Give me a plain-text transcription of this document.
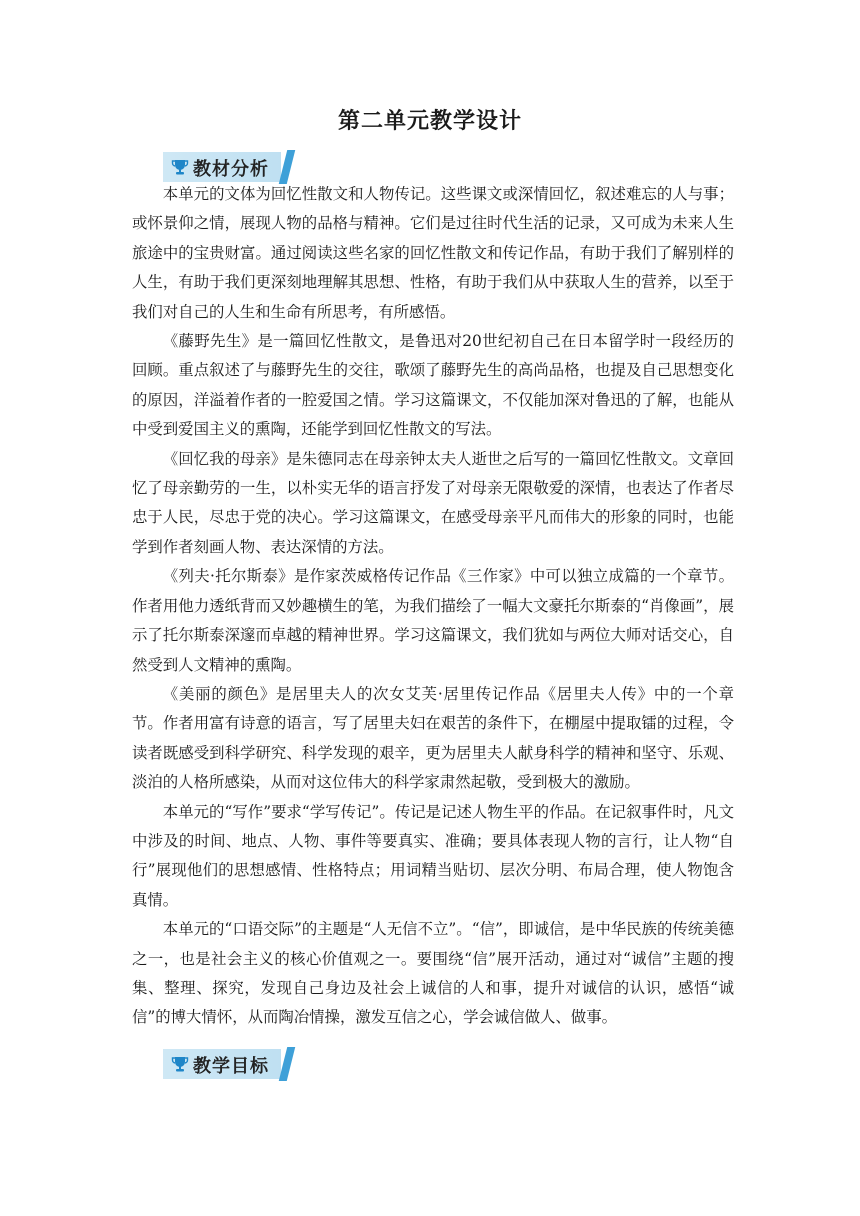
第二单元教学设计
教材分析

本单元的文体为回忆性散文和人物传记。这些课文或深情回忆，叙述难忘的人与事；或怀景仰之情，展现人物的品格与精神。它们是过往时代生活的记录，又可成为未来人生旅途中的宝贵财富。通过阅读这些名家的回忆性散文和传记作品，有助于我们了解别样的人生，有助于我们更深刻地理解其思想、性格，有助于我们从中获取人生的营养，以至于我们对自己的人生和生命有所思考，有所感悟。

《藤野先生》是一篇回忆性散文，是鲁迅对20世纪初自己在日本留学时一段经历的回顾。重点叙述了与藤野先生的交往，歌颂了藤野先生的高尚品格，也提及自己思想变化的原因，洋溢着作者的一腔爱国之情。学习这篇课文，不仅能加深对鲁迅的了解，也能从中受到爱国主义的熏陶，还能学到回忆性散文的写法。

《回忆我的母亲》是朱德同志在母亲钟太夫人逝世之后写的一篇回忆性散文。文章回忆了母亲勤劳的一生，以朴实无华的语言抒发了对母亲无限敬爱的深情，也表达了作者尽忠于人民，尽忠于党的决心。学习这篇课文，在感受母亲平凡而伟大的形象的同时，也能学到作者刻画人物、表达深情的方法。

《列夫·托尔斯泰》是作家茨威格传记作品《三作家》中可以独立成篇的一个章节。作者用他力透纸背而又妙趣横生的笔，为我们描绘了一幅大文豪托尔斯泰的“肖像画”，展示了托尔斯泰深邃而卓越的精神世界。学习这篇课文，我们犹如与两位大师对话交心，自然受到人文精神的熏陶。

《美丽的颜色》是居里夫人的次女艾芙·居里传记作品《居里夫人传》中的一个章节。作者用富有诗意的语言，写了居里夫妇在艰苦的条件下，在棚屋中提取镭的过程，令读者既感受到科学研究、科学发现的艰辛，更为居里夫人献身科学的精神和坚守、乐观、淡泊的人格所感染，从而对这位伟大的科学家肃然起敬，受到极大的激励。

本单元的“写作”要求“学写传记”。传记是记述人物生平的作品。在记叙事件时，凡文中涉及的时间、地点、人物、事件等要真实、准确；要具体表现人物的言行，让人物“自行”展现他们的思想感情、性格特点；用词精当贴切、层次分明、布局合理，使人物饱含真情。

本单元的“口语交际”的主题是“人无信不立”。“信”，即诚信，是中华民族的传统美德之一，也是社会主义的核心价值观之一。要围绕“信”展开活动，通过对“诚信”主题的搜集、整理、探究，发现自己身边及社会上诚信的人和事，提升对诚信的认识，感悟“诚信”的博大情怀，从而陶冶情操，激发互信之心，学会诚信做人、做事。

教学目标
